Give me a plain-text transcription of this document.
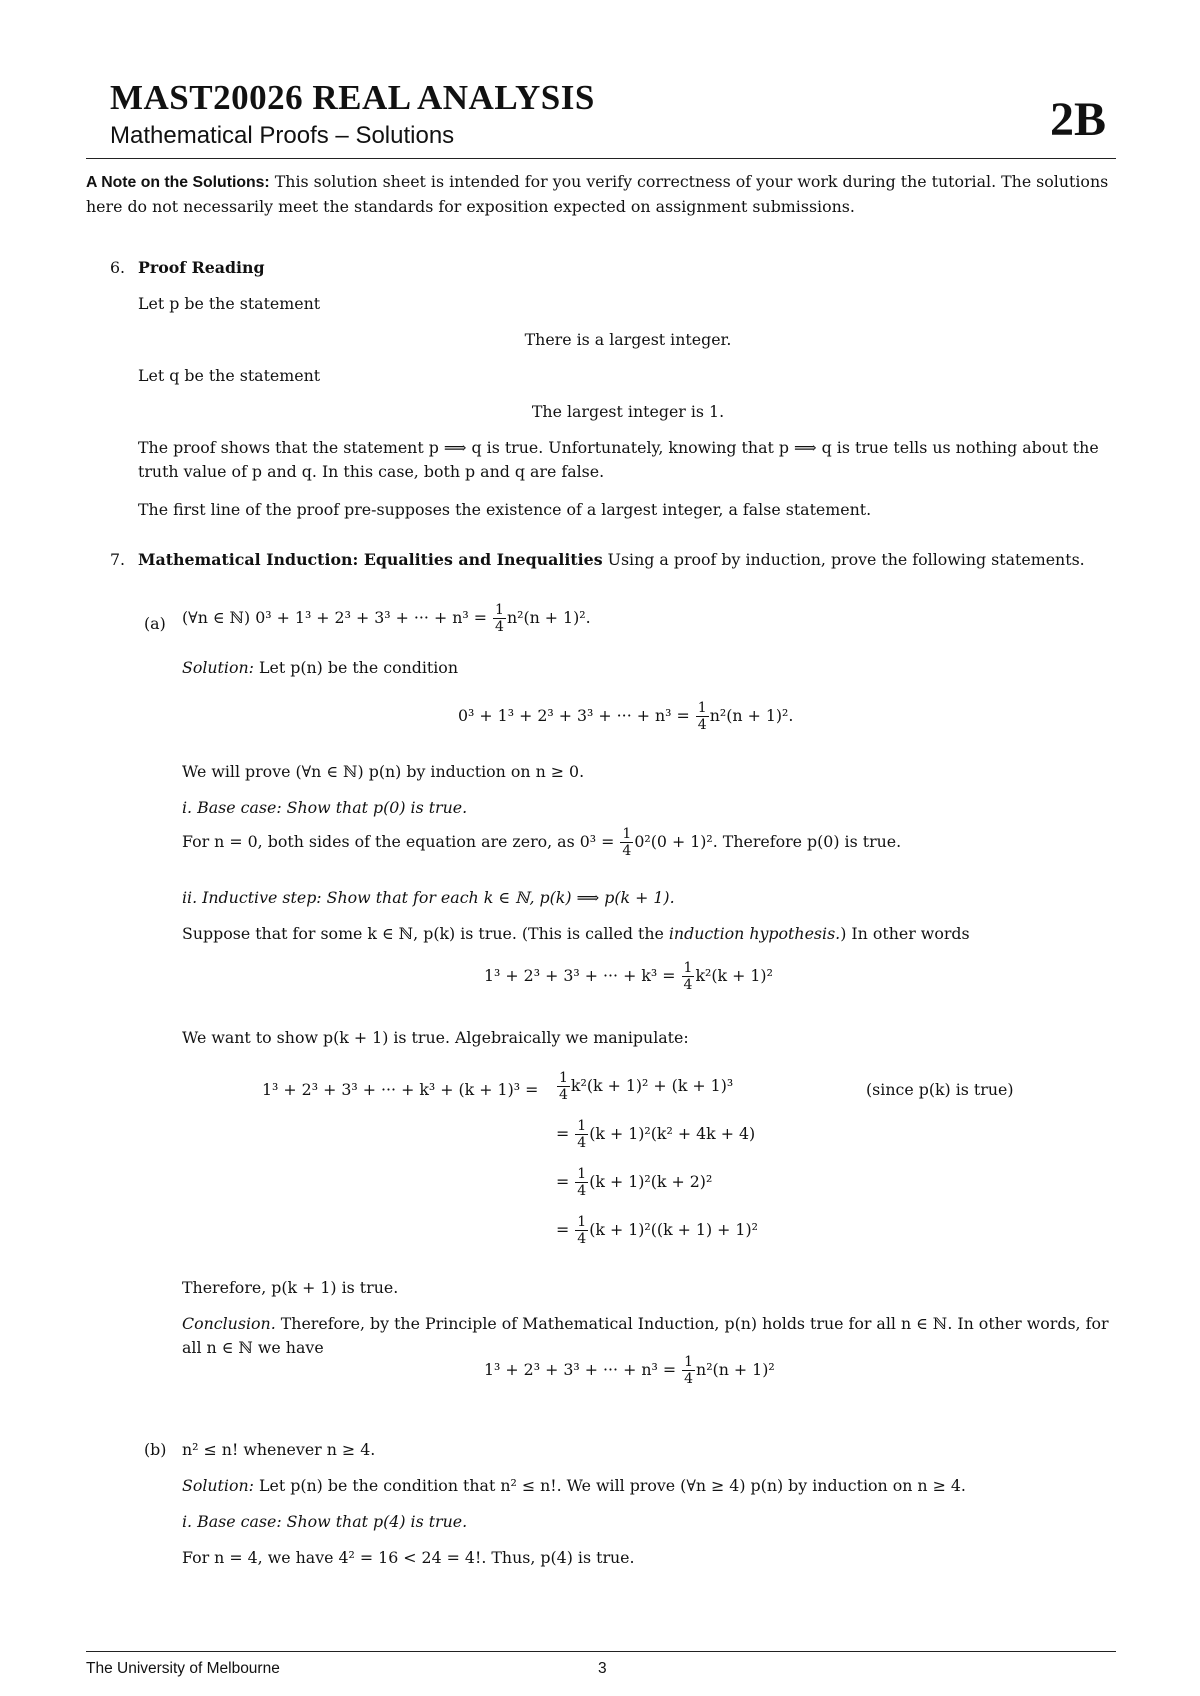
MAST20026 REAL ANALYSIS
Mathematical Proofs – Solutions	2B
A Note on the Solutions: This solution sheet is intended for you verify correctness of your work during the tutorial. The solutions here do not necessarily meet the standards for exposition expected on assignment submissions.
6. Proof Reading
Let p be the statement
There is a largest integer.
Let q be the statement
The largest integer is 1.
The proof shows that the statement p ⟹ q is true. Unfortunately, knowing that p ⟹ q is true tells us nothing about the truth value of p and q. In this case, both p and q are false.
The first line of the proof pre-supposes the existence of a largest integer, a false statement.
7. Mathematical Induction: Equalities and Inequalities Using a proof by induction, prove the following statements.
(a) (∀n ∈ ℕ) 0³ + 1³ + 2³ + 3³ + ··· + $n^3 = \frac{1}{4} n^2(n + 1)^2$.
Solution: Let p(n) be the condition
0³ + 1³ + 2³ + 3³ + ··· + $n^3 = \frac{1}{4} n^2(n + 1)^2$.
We will prove (∀n ∈ ℕ) p(n) by induction on n ≥ 0.
i. Base case: Show that p(0) is true.
For n = 0, both sides of the equation are zero, as $0^3 = \frac{1}{4} 0^2(0 + 1)^2$. Therefore p(0) is true.
ii. Inductive step: Show that for each k ∈ ℕ, p(k) ⟹ p(k + 1).
Suppose that for some k ∈ ℕ, p(k) is true. (This is called the induction hypothesis.) In other words
1³ + 2³ + 3³ + ··· + $k^3 = \frac{1}{4} k^2(k + 1)^2$
We want to show p(k + 1) is true. Algebraically we manipulate:
1³ + 2³ + 3³ + ··· + $k^3 + (k + 1)^3 = \frac{1}{4} k^2(k + 1)^2 + (k + 1)^3$	(since p(k) is true)
= $\frac{1}{4} (k + 1)^2(k^2 + 4k + 4)$
= $\frac{1}{4} (k + 1)^2(k + 2)^2$
= $\frac{1}{4} (k + 1)^2((k + 1) + 1)^2$
Therefore, p(k + 1) is true.
Conclusion. Therefore, by the Principle of Mathematical Induction, p(n) holds true for all n ∈ ℕ. In other words, for all n ∈ ℕ we have
1³ + 2³ + 3³ + ··· + $n^3 = \frac{1}{4} n^2(n + 1)^2$
(b) n² ≤ n! whenever n ≥ 4.
Solution: Let p(n) be the condition that n² ≤ n!. We will prove (∀n ≥ 4) p(n) by induction on n ≥ 4.
i. Base case: Show that p(4) is true.
For n = 4, we have 4² = 16 < 24 = 4!. Thus, p(4) is true.
The University of Melbourne	3
